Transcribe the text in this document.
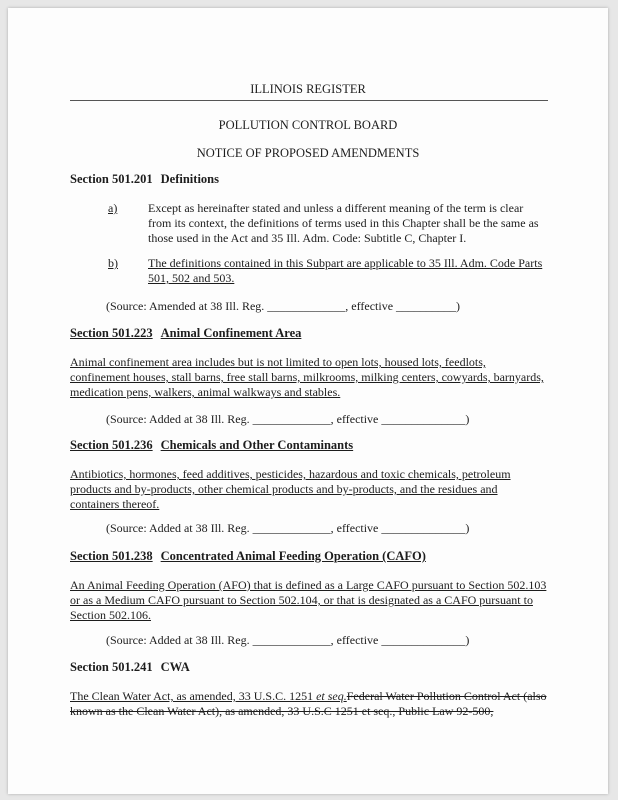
ILLINOIS REGISTER
POLLUTION CONTROL BOARD
NOTICE OF PROPOSED AMENDMENTS
Section 501.201 Definitions
a)	Except as hereinafter stated and unless a different meaning of the term is clear from its context, the definitions of terms used in this Chapter shall be the same as those used in the Act and 35 Ill. Adm. Code: Subtitle C, Chapter I.
b)	The definitions contained in this Subpart are applicable to 35 Ill. Adm. Code Parts 501, 502 and 503.
(Source: Amended at 38 Ill. Reg. _____________, effective __________)
Section 501.223 Animal Confinement Area
Animal confinement area includes but is not limited to open lots, housed lots, feedlots, confinement houses, stall barns, free stall barns, milkrooms, milking centers, cowyards, barnyards, medication pens, walkers, animal walkways and stables.
(Source: Added at 38 Ill. Reg. _____________, effective ______________)
Section 501.236 Chemicals and Other Contaminants
Antibiotics, hormones, feed additives, pesticides, hazardous and toxic chemicals, petroleum products and by-products, other chemical products and by-products, and the residues and containers thereof.
(Source: Added at 38 Ill. Reg. _____________, effective ______________)
Section 501.238 Concentrated Animal Feeding Operation (CAFO)
An Animal Feeding Operation (AFO) that is defined as a Large CAFO pursuant to Section 502.103 or as a Medium CAFO pursuant to Section 502.104, or that is designated as a CAFO pursuant to Section 502.106.
(Source: Added at 38 Ill. Reg. _____________, effective ______________)
Section 501.241 CWA
The Clean Water Act, as amended, 33 U.S.C. 1251 et seq.Federal Water Pollution Control Act (also known as the Clean Water Act), as amended, 33 U.S.C 1251 et seq., Public Law 92-500,
